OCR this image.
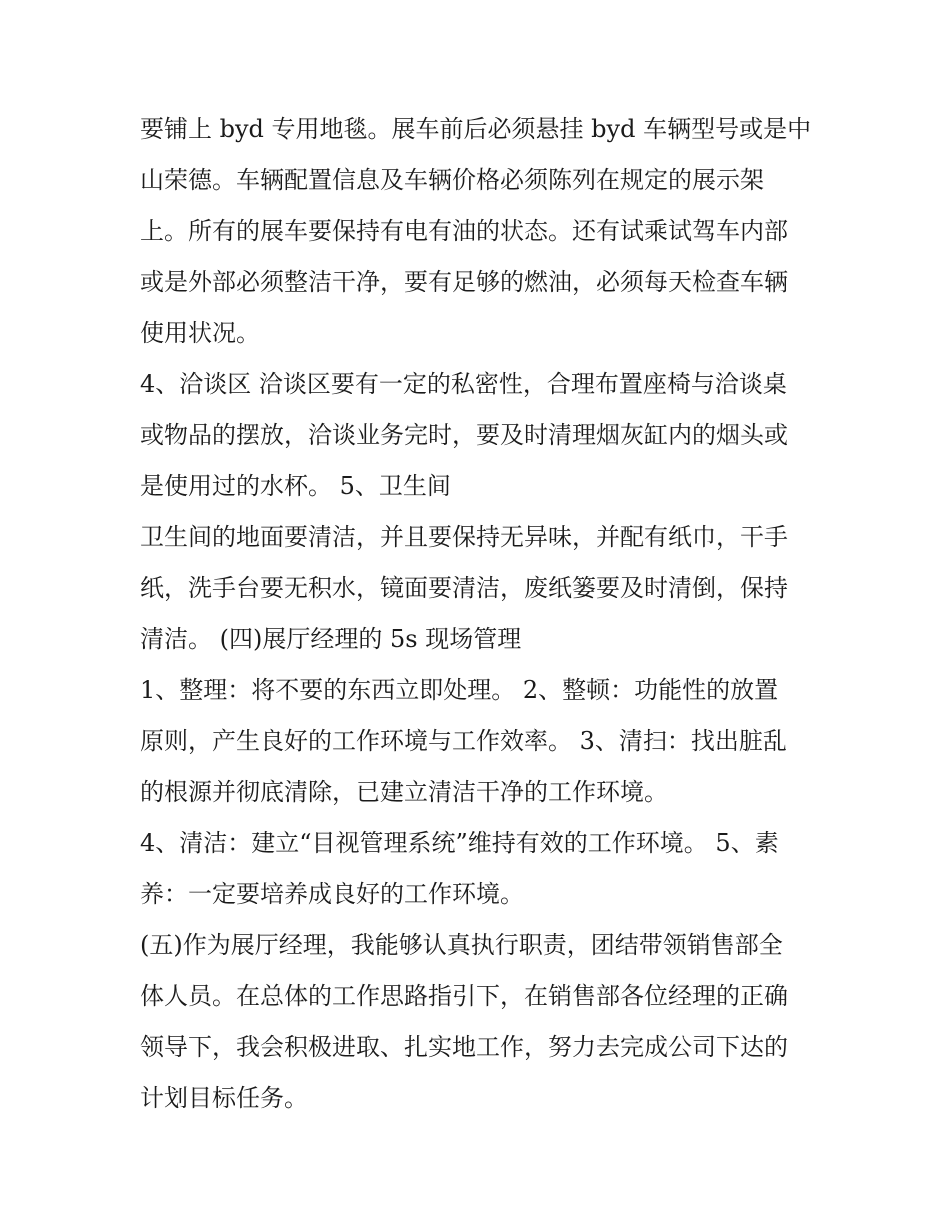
要铺上 byd 专用地毯。展车前后必须悬挂 byd 车辆型号或是中
山荣德。车辆配置信息及车辆价格必须陈列在规定的展示架
上。所有的展车要保持有电有油的状态。还有试乘试驾车内部
或是外部必须整洁干净，要有足够的燃油，必须每天检查车辆
使用状况。
4、洽谈区 洽谈区要有一定的私密性，合理布置座椅与洽谈桌
或物品的摆放，洽谈业务完时，要及时清理烟灰缸内的烟头或
是使用过的水杯。 5、卫生间
卫生间的地面要清洁，并且要保持无异味，并配有纸巾，干手
纸，洗手台要无积水，镜面要清洁，废纸篓要及时清倒，保持
清洁。 (四)展厅经理的 5s 现场管理
1、整理：将不要的东西立即处理。 2、整顿：功能性的放置
原则，产生良好的工作环境与工作效率。 3、清扫：找出脏乱
的根源并彻底清除，已建立清洁干净的工作环境。
4、清洁：建立“目视管理系统”维持有效的工作环境。 5、素
养：一定要培养成良好的工作环境。
(五)作为展厅经理，我能够认真执行职责，团结带领销售部全
体人员。在总体的工作思路指引下，在销售部各位经理的正确
领导下，我会积极进取、扎实地工作，努力去完成公司下达的
计划目标任务。
